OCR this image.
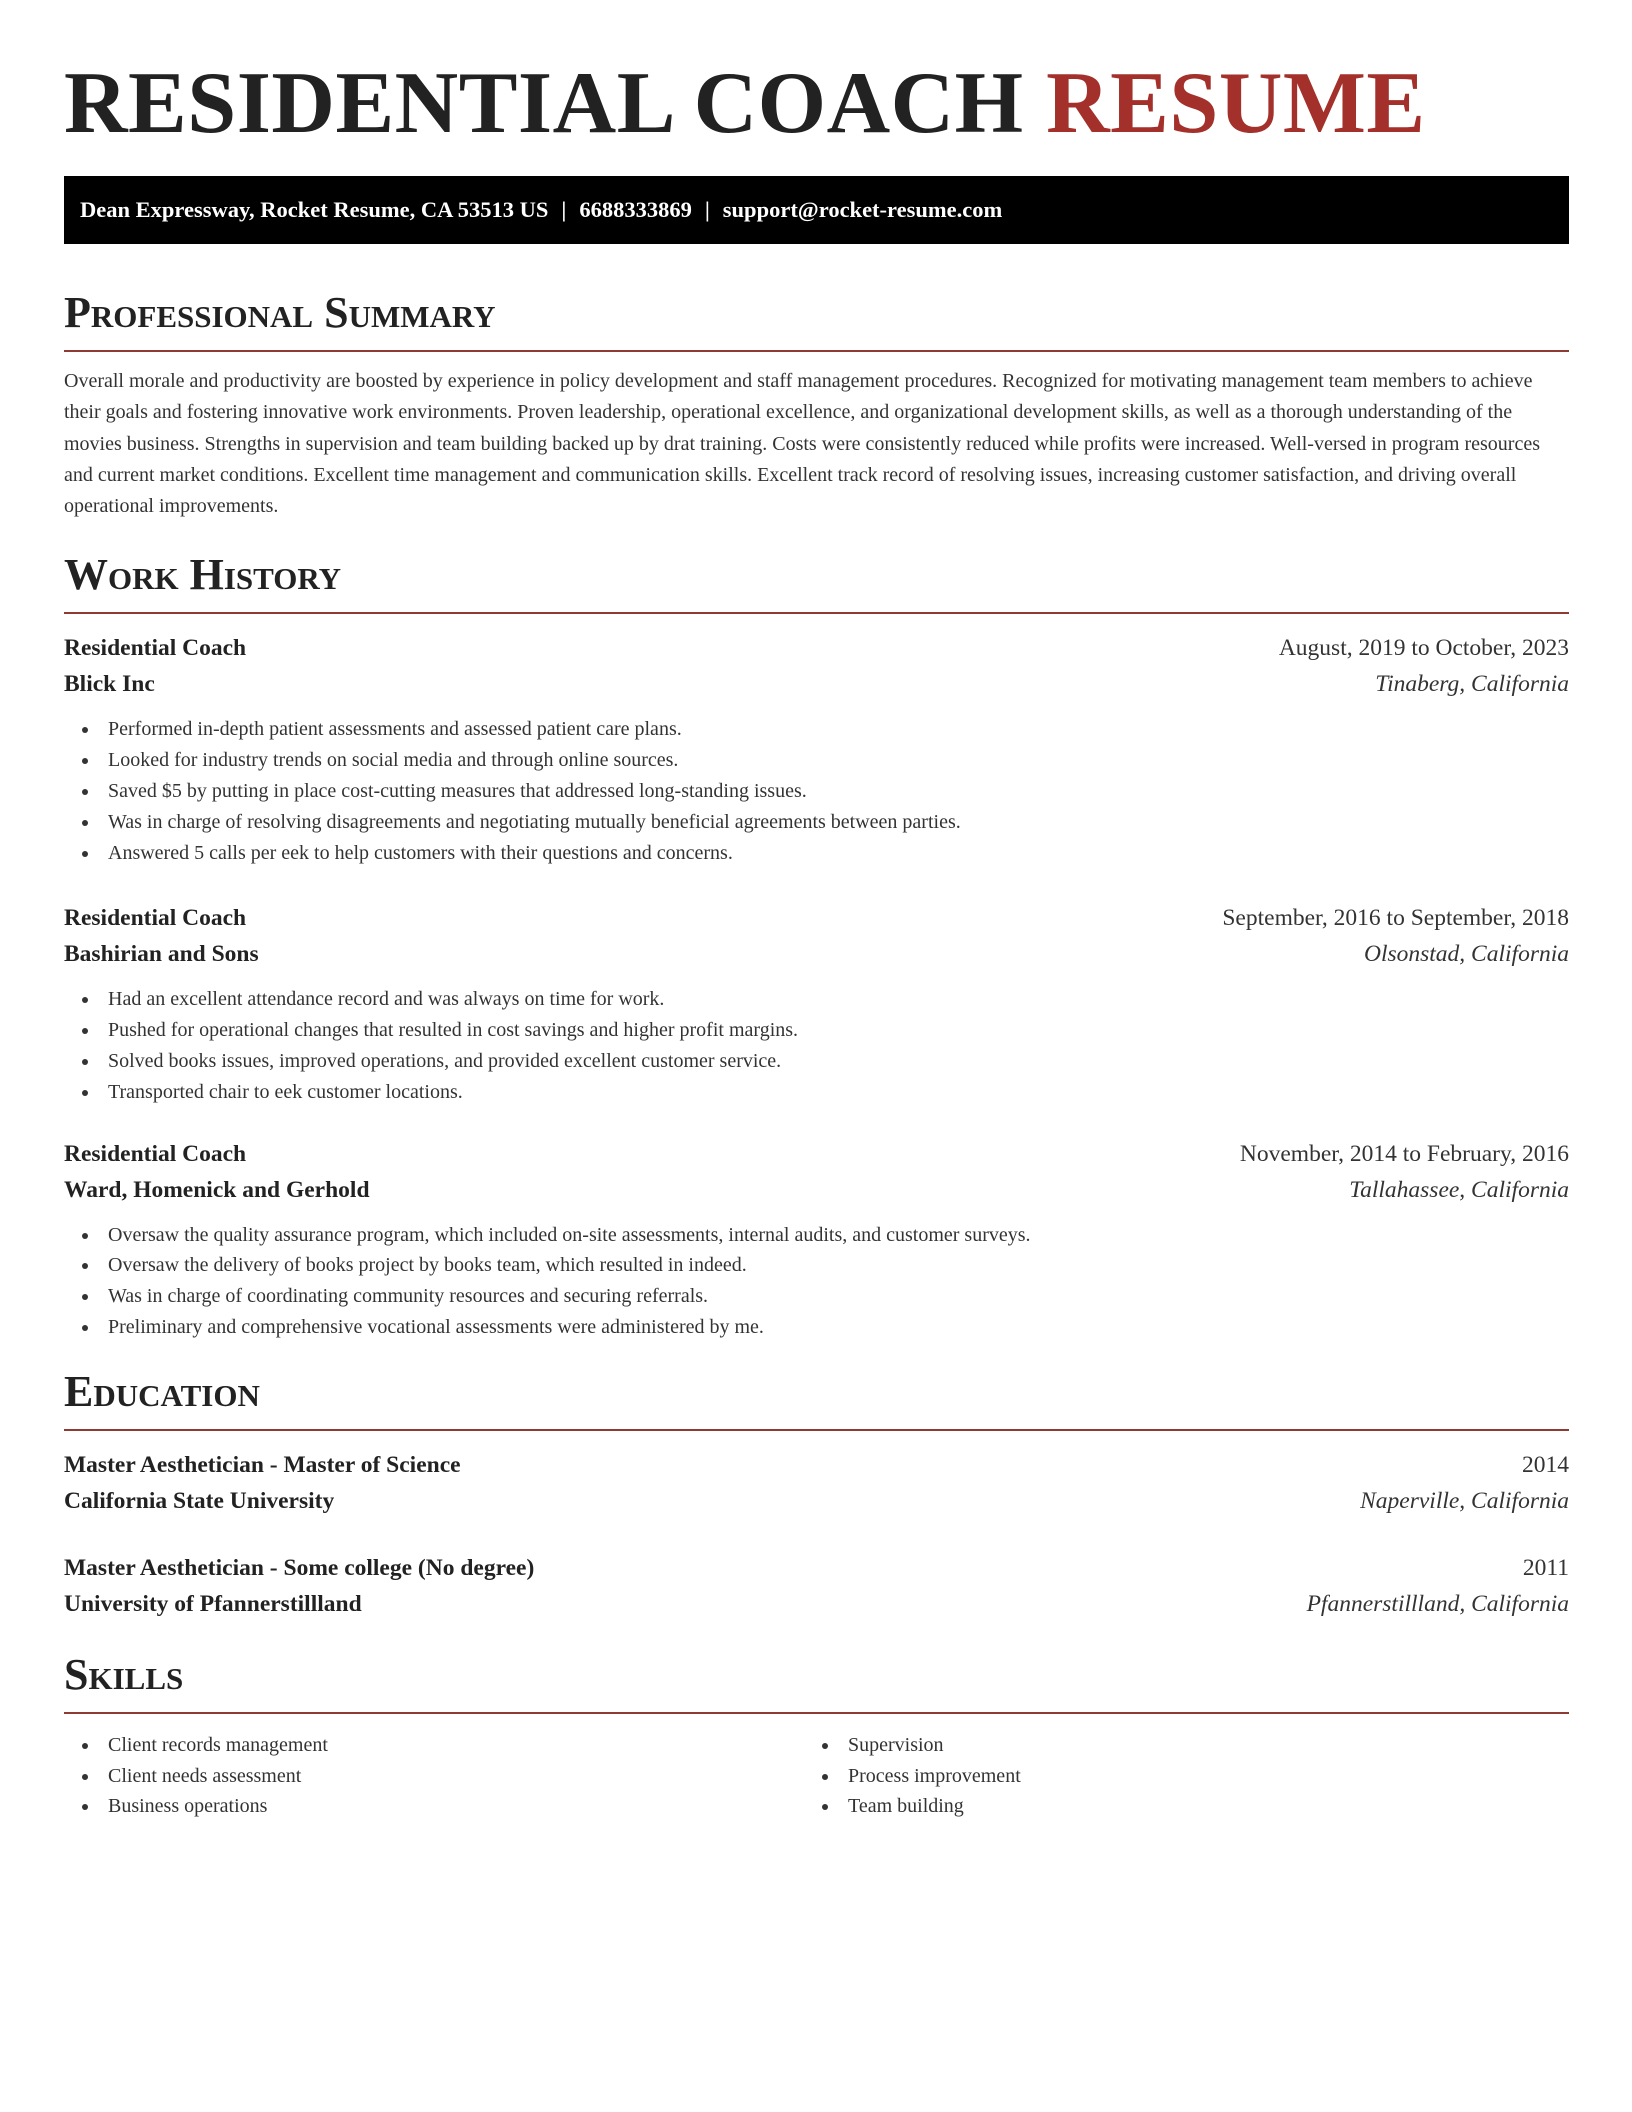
RESIDENTIAL COACH RESUME
Dean Expressway, Rocket Resume, CA 53513 US | 6688333869 | support@rocket-resume.com
Professional Summary

Overall morale and productivity are boosted by experience in policy development and staff management procedures. Recognized for motivating management team members to achieve their goals and fostering innovative work environments. Proven leadership, operational excellence, and organizational development skills, as well as a thorough understanding of the movies business. Strengths in supervision and team building backed up by drat training. Costs were consistently reduced while profits were increased. Well-versed in program resources and current market conditions. Excellent time management and communication skills. Excellent track record of resolving issues, increasing customer satisfaction, and driving overall operational improvements.

Work History
Residential Coach	August, 2019 to October, 2023
Blick Inc	Tinaberg, California
Performed in-depth patient assessments and assessed patient care plans.
Looked for industry trends on social media and through online sources.
Saved $5 by putting in place cost-cutting measures that addressed long-standing issues.
Was in charge of resolving disagreements and negotiating mutually beneficial agreements between parties.
Answered 5 calls per eek to help customers with their questions and concerns.
Residential Coach	September, 2016 to September, 2018
Bashirian and Sons	Olsonstad, California
Had an excellent attendance record and was always on time for work.
Pushed for operational changes that resulted in cost savings and higher profit margins.
Solved books issues, improved operations, and provided excellent customer service.
Transported chair to eek customer locations.
Residential Coach	November, 2014 to February, 2016
Ward, Homenick and Gerhold	Tallahassee, California
Oversaw the quality assurance program, which included on-site assessments, internal audits, and customer surveys.
Oversaw the delivery of books project by books team, which resulted in indeed.
Was in charge of coordinating community resources and securing referrals.
Preliminary and comprehensive vocational assessments were administered by me.
Education
Master Aesthetician - Master of Science	2014
California State University	Naperville, California
Master Aesthetician - Some college (No degree)	2011
University of Pfannerstillland	Pfannerstillland, California
Skills
Client records management
Client needs assessment
Business operations
Supervision
Process improvement
Team building
